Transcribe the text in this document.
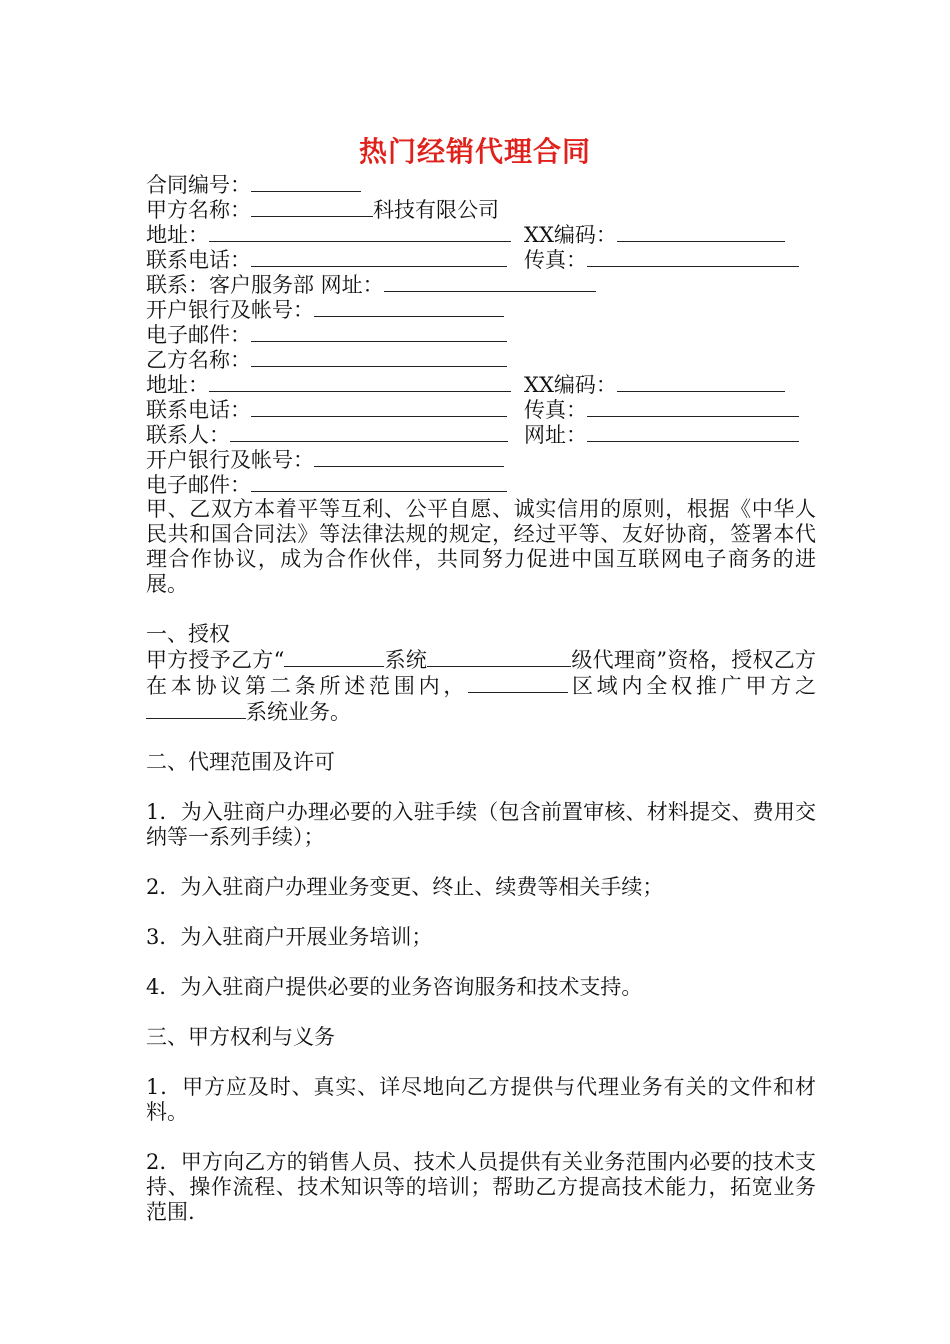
热门经销代理合同
合同编号：
甲方名称：	科技有限公司
地址：	XX编码：
联系电话：	传真：
联系：客户服务部 网址：
开户银行及帐号：
电子邮件：
乙方名称：
地址：	XX编码：
联系电话：	传真：
联系人：	网址：
开户银行及帐号：
电子邮件：

甲、乙双方本着平等互利、公平自愿、诚实信用的原则，根据《中华人民共和国合同法》等法律法规的规定，经过平等、友好协商，签署本代理合作协议，成为合作伙伴，共同努力促进中国互联网电子商务的进展。

一、授权

甲方授予乙方“	系统	级代理商”资格，授权乙方在本协议第二条所述范围内，	区域内全权推广甲方之系统业务。

二、代理范围及许可

1．为入驻商户办理必要的入驻手续（包含前置审核、材料提交、费用交纳等一系列手续）；

2．为入驻商户办理业务变更、终止、续费等相关手续；

3．为入驻商户开展业务培训；

4．为入驻商户提供必要的业务咨询服务和技术支持。

三、甲方权利与义务

1．甲方应及时、真实、详尽地向乙方提供与代理业务有关的文件和材料。

2．甲方向乙方的销售人员、技术人员提供有关业务范围内必要的技术支持、操作流程、技术知识等的培训；帮助乙方提高技术能力，拓宽业务范围.
